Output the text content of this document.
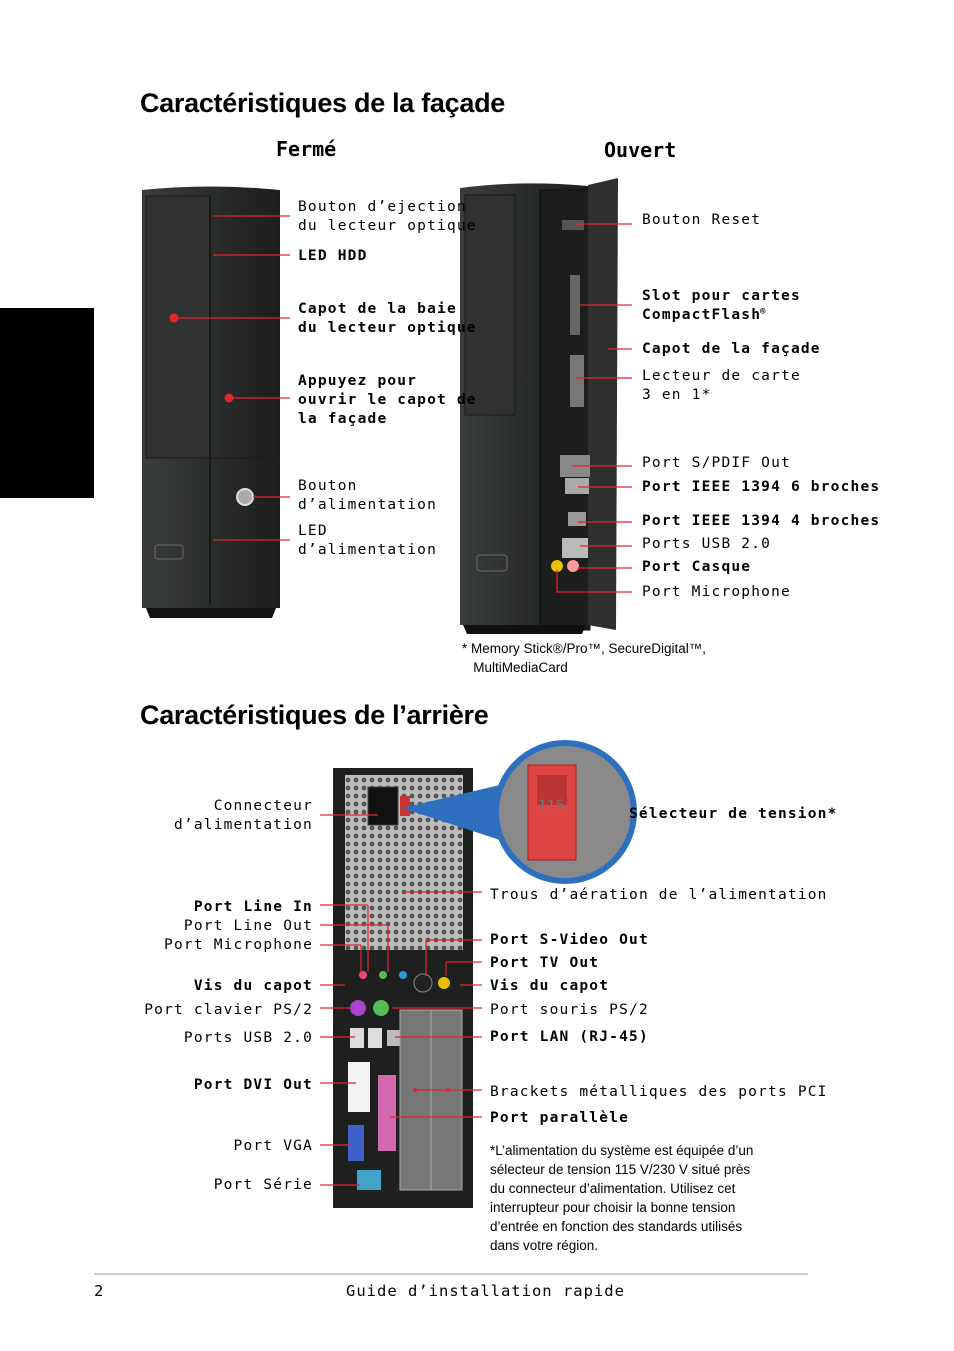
Caractéristiques de la façade
Fermé	Ouvert
115
Bouton d’ejection
du lecteur optique
LED HDD
Capot de la baie
du lecteur optique
Appuyez pour
ouvrir le capot de
la façade
Bouton
d’alimentation
LED
d’alimentation
Bouton Reset
Slot pour cartes
CompactFlash
®
Capot de la façade
Lecteur de carte
3 en 1*
Port S/PDIF Out
Port IEEE 1394 6 broches
Port IEEE 1394 4 broches
Ports USB 2.0
Port Casque
Port Microphone
* Memory Stick®/Pro™, SecureDigital™,
MultiMediaCard
Caractéristiques de l’arrière
Connecteur
d’alimentation
Port Line In
Port Line Out
Port Microphone
Vis du capot
Port clavier PS/2
Ports USB 2.0
Port DVI Out
Port VGA
Port Série
Sélecteur de tension*
Trous d’aération de l’alimentation
Port S-Video Out
Port TV Out
Vis du capot
Port souris PS/2
Port LAN (RJ-45)
Brackets métalliques des ports PCI
Port parallèle
*L’alimentation du système est équipée d’un
sélecteur de tension 115 V/230 V situé près
du connecteur d’alimentation. Utilisez cet
interrupteur pour choisir la bonne tension
d’entrée en fonction des standards utilisés
dans votre région.
2	Guide d’installation rapide
